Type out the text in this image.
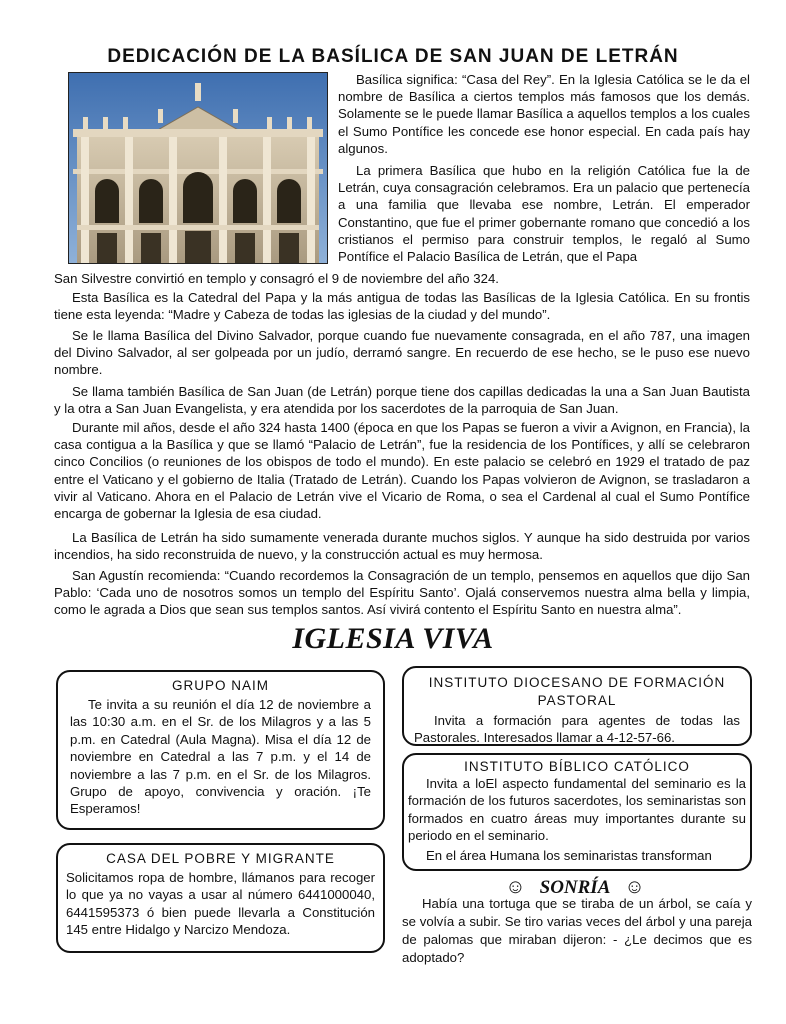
DEDICACIÓN DE LA BASÍLICA DE SAN JUAN DE LETRÁN

Basílica significa: “Casa del Rey”. En la Iglesia Católica se le da el nombre de Basílica a ciertos templos más famosos que los demás. Solamente se le puede llamar Basílica a aquellos templos a los cuales el Sumo Pontífice les concede ese honor especial. En cada país hay algunos.

La primera Basílica que hubo en la religión Católica fue la de Letrán, cuya consagración celebramos. Era un palacio que pertenecía a una familia que llevaba ese nombre, Letrán. El emperador Constantino, que fue el primer gobernante romano que concedió a los cristianos el permiso para construir templos, le regaló al Sumo Pontífice el Palacio Basílica de Letrán, que el Papa

San Silvestre convirtió en templo y consagró el 9 de noviembre del año 324.

Esta Basílica es la Catedral del Papa y la más antigua de todas las Basílicas de la Iglesia Católica. En su frontis tiene esta leyenda: “Madre y Cabeza de todas las iglesias de la ciudad y del mundo”.

Se le llama Basílica del Divino Salvador, porque cuando fue nuevamente consagrada, en el año 787, una imagen del Divino Salvador, al ser golpeada por un judío, derramó sangre. En recuerdo de ese hecho, se le puso ese nuevo nombre.

Se llama también Basílica de San Juan (de Letrán) porque tiene dos capillas dedicadas la una a San Juan Bautista y la otra a San Juan Evangelista, y era atendida por los sacerdotes de la parroquia de San Juan.

Durante mil años, desde el año 324 hasta 1400 (época en que los Papas se fueron a vivir a Avignon, en Francia), la casa contigua a la Basílica y que se llamó “Palacio de Letrán”, fue la residencia de los Pontífices, y allí se celebraron cinco Concilios (o reuniones de los obispos de todo el mundo). En este palacio se celebró en 1929 el tratado de paz entre el Vaticano y el gobierno de Italia (Tratado de Letrán). Cuando los Papas volvieron de Avignon, se trasladaron a vivir al Vaticano. Ahora en el Palacio de Letrán vive el Vicario de Roma, o sea el Cardenal al cual el Sumo Pontífice encarga de gobernar la Iglesia de esa ciudad.

La Basílica de Letrán ha sido sumamente venerada durante muchos siglos. Y aunque ha sido destruida por varios incendios, ha sido reconstruida de nuevo, y la construcción actual es muy hermosa.

San Agustín recomienda: “Cuando recordemos la Consagración de un templo, pensemos en aquellos que dijo San Pablo: ‘Cada uno de nosotros somos un templo del Espíritu Santo’. Ojalá conservemos nuestra alma bella y limpia, como le agrada a Dios que sean sus templos santos. Así vivirá contento el Espíritu Santo en nuestra alma”.

IGLESIA VIVA

GRUPO NAIM

Te invita a su reunión el día 12 de noviembre a las 10:30 a.m. en el Sr. de los Milagros y a las 5 p.m. en Catedral (Aula Magna). Misa el día 12 de noviembre en Catedral a las 7 p.m. y el 14 de noviembre a las 7 p.m. en el Sr. de los Milagros. Grupo de apoyo, convivencia y oración. ¡Te Esperamos!

CASA DEL POBRE Y MIGRANTE

Solicitamos ropa de hombre, llámanos para recoger lo que ya no vayas a usar al número 6441000040, 6441595373 ó bien puede llevarla a Constitución 145 entre Hidalgo y Narcizo Mendoza.

INSTITUTO DIOCESANO DE FORMACIÓN PASTORAL

Invita a formación para agentes de todas las Pastorales. Interesados llamar a 4-12-57-66.

INSTITUTO BÍBLICO CATÓLICO

Invita a loEl aspecto fundamental del seminario es la formación de los futuros sacerdotes, los seminaristas son formados en cuatro áreas muy importantes durante su periodo en el seminario.

En el área Humana los seminaristas transforman

☺ SONRÍA ☺

Había una tortuga que se tiraba de un árbol, se caía y se volvía a subir. Se tiro varias veces del árbol y una pareja de palomas que miraban dijeron: - ¿Le decimos que es adoptado?
